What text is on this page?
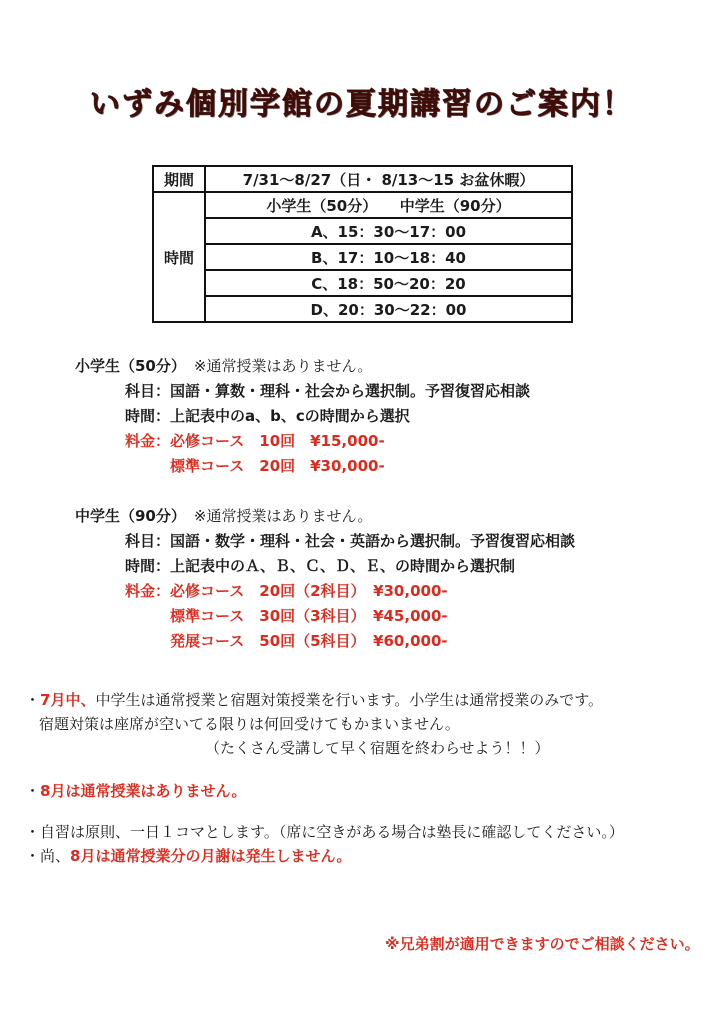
いずみ個別学館の夏期講習のご案内！
期間	7/31～8/27（日・ 8/13～15 お盆休暇）
時間	小学生（50分）　　中学生（90分）
	A、15：30～17：00
	B、17：10～18：40
	C、18：50～20：20
	D、20：30～22：00
小学生（50分） ※通常授業はありません。
科目：国語・算数・理科・社会から選択制。予習復習応相談
時間：上記表中のa、b、cの時間から選択
料金：必修コース　10回　¥15,000-
標準コース　20回　¥30,000-
中学生（90分） ※通常授業はありません。
科目：国語・数学・理科・社会・英語から選択制。予習復習応相談
時間：上記表中のＡ、Ｂ、Ｃ、Ｄ、Ｅ、の時間から選択制
料金：必修コース　20回（2科目）　¥30,000-
標準コース　30回（3科目）　¥45,000-
発展コース　50回（5科目）　¥60,000-
・7月中、中学生は通常授業と宿題対策授業を行います。小学生は通常授業のみです。
宿題対策は座席が空いてる限りは何回受けてもかまいません。
（たくさん受講して早く宿題を終わらせよう！！）
・8月は通常授業はありません。
・自習は原則、一日１コマとします。（席に空きがある場合は塾長に確認してください。）
・尚、8月は通常授業分の月謝は発生しません。
※兄弟割が適用できますのでご相談ください。
